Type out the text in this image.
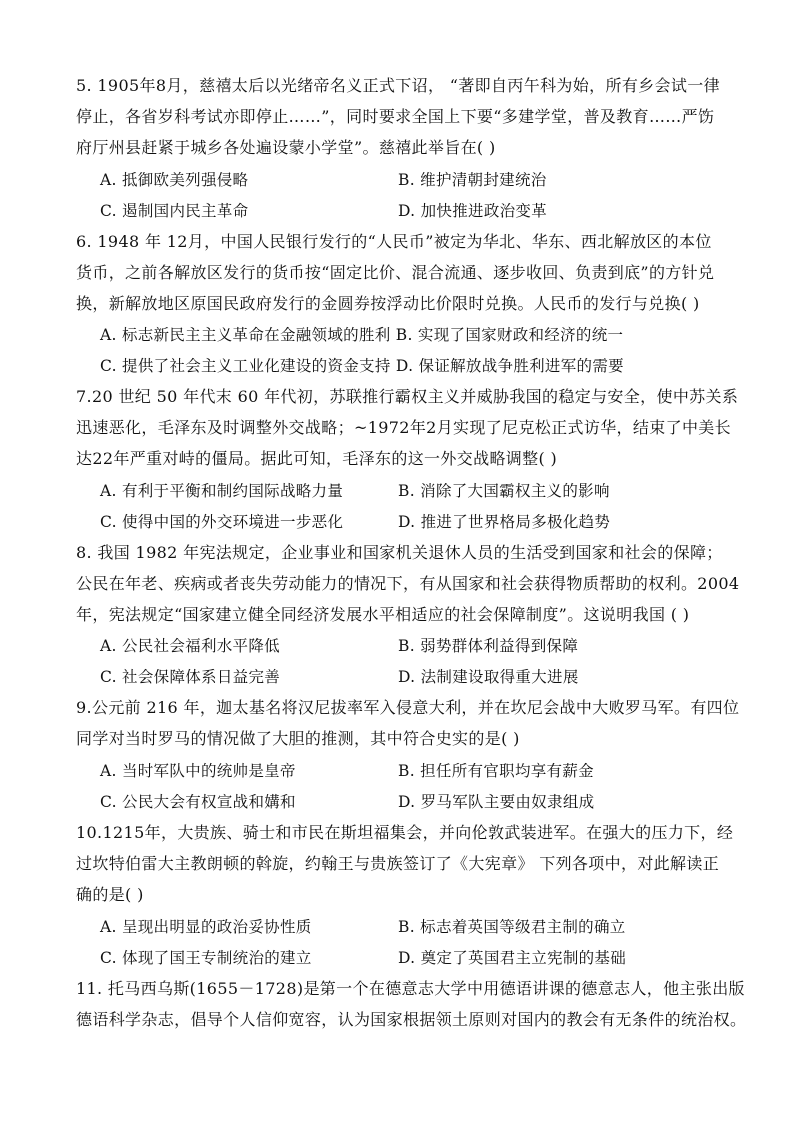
5. 1905年8月，慈禧太后以光绪帝名义正式下诏， “著即自丙午科为始，所有乡会试一律
停止，各省岁科考试亦即停止……”，同时要求全国上下要“多建学堂，普及教育……严饬
府厅州县赶紧于城乡各处遍设蒙小学堂”。慈禧此举旨在( )
A. 抵御欧美列强侵略	B. 维护清朝封建统治
C. 遏制国内民主革命	D. 加快推进政治变革
6. 1948 年 12月，中国人民银行发行的“人民币”被定为华北、华东、西北解放区的本位
货币，之前各解放区发行的货币按“固定比价、混合流通、逐步收回、负责到底”的方针兑
换，新解放地区原国民政府发行的金圆券按浮动比价限时兑换。人民币的发行与兑换( )
A. 标志新民主主义革命在金融领域的胜利 B. 实现了国家财政和经济的统一
C. 提供了社会主义工业化建设的资金支持 D. 保证解放战争胜利进军的需要
7.20 世纪 50 年代末 60 年代初，苏联推行霸权主义并威胁我国的稳定与安全，使中苏关系
迅速恶化，毛泽东及时调整外交战略；~1972年2月实现了尼克松正式访华，结束了中美长
达22年严重对峙的僵局。据此可知，毛泽东的这一外交战略调整( )
A. 有利于平衡和制约国际战略力量	B. 消除了大国霸权主义的影响
C. 使得中国的外交环境进一步恶化	D. 推进了世界格局多极化趋势
8. 我国 1982 年宪法规定，企业事业和国家机关退休人员的生活受到国家和社会的保障；
公民在年老、疾病或者丧失劳动能力的情况下，有从国家和社会获得物质帮助的权利。2004
年，宪法规定“国家建立健全同经济发展水平相适应的社会保障制度”。这说明我国 ( )
A. 公民社会福利水平降低	B. 弱势群体利益得到保障
C. 社会保障体系日益完善	D. 法制建设取得重大进展
9.公元前 216 年，迦太基名将汉尼拔率军入侵意大利，并在坎尼会战中大败罗马军。有四位
同学对当时罗马的情况做了大胆的推测，其中符合史实的是( )
A. 当时军队中的统帅是皇帝	B. 担任所有官职均享有薪金
C. 公民大会有权宣战和媾和	D. 罗马军队主要由奴隶组成
10.1215年，大贵族、骑士和市民在斯坦福集会，并向伦敦武装进军。在强大的压力下，经
过坎特伯雷大主教朗顿的斡旋，约翰王与贵族签订了《大宪章》 下列各项中，对此解读正
确的是( )
A. 呈现出明显的政治妥协性质	B. 标志着英国等级君主制的确立
C. 体现了国王专制统治的建立	D. 奠定了英国君主立宪制的基础
11. 托马西乌斯(1655－1728)是第一个在德意志大学中用德语讲课的德意志人，他主张出版
德语科学杂志，倡导个人信仰宽容，认为国家根据领土原则对国内的教会有无条件的统治权。
